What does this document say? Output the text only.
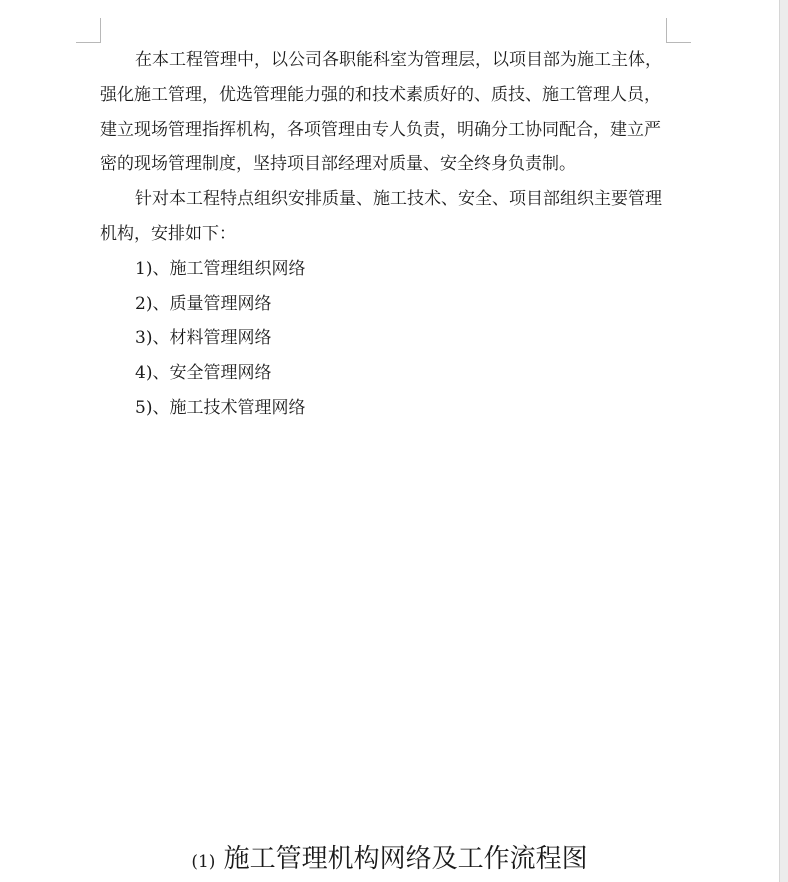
在本工程管理中，以公司各职能科室为管理层，以项目部为施工主体，强化施工管理，优选管理能力强的和技术素质好的、质技、施工管理人员，建立现场管理指挥机构，各项管理由专人负责，明确分工协同配合，建立严密的现场管理制度，坚持项目部经理对质量、安全终身负责制。

针对本工程特点组织安排质量、施工技术、安全、项目部组织主要管理机构，安排如下：

1)、施工管理组织网络

2)、质量管理网络

3)、材料管理网络

4)、安全管理网络

5)、施工技术管理网络

(1) 施工管理机构网络及工作流程图
